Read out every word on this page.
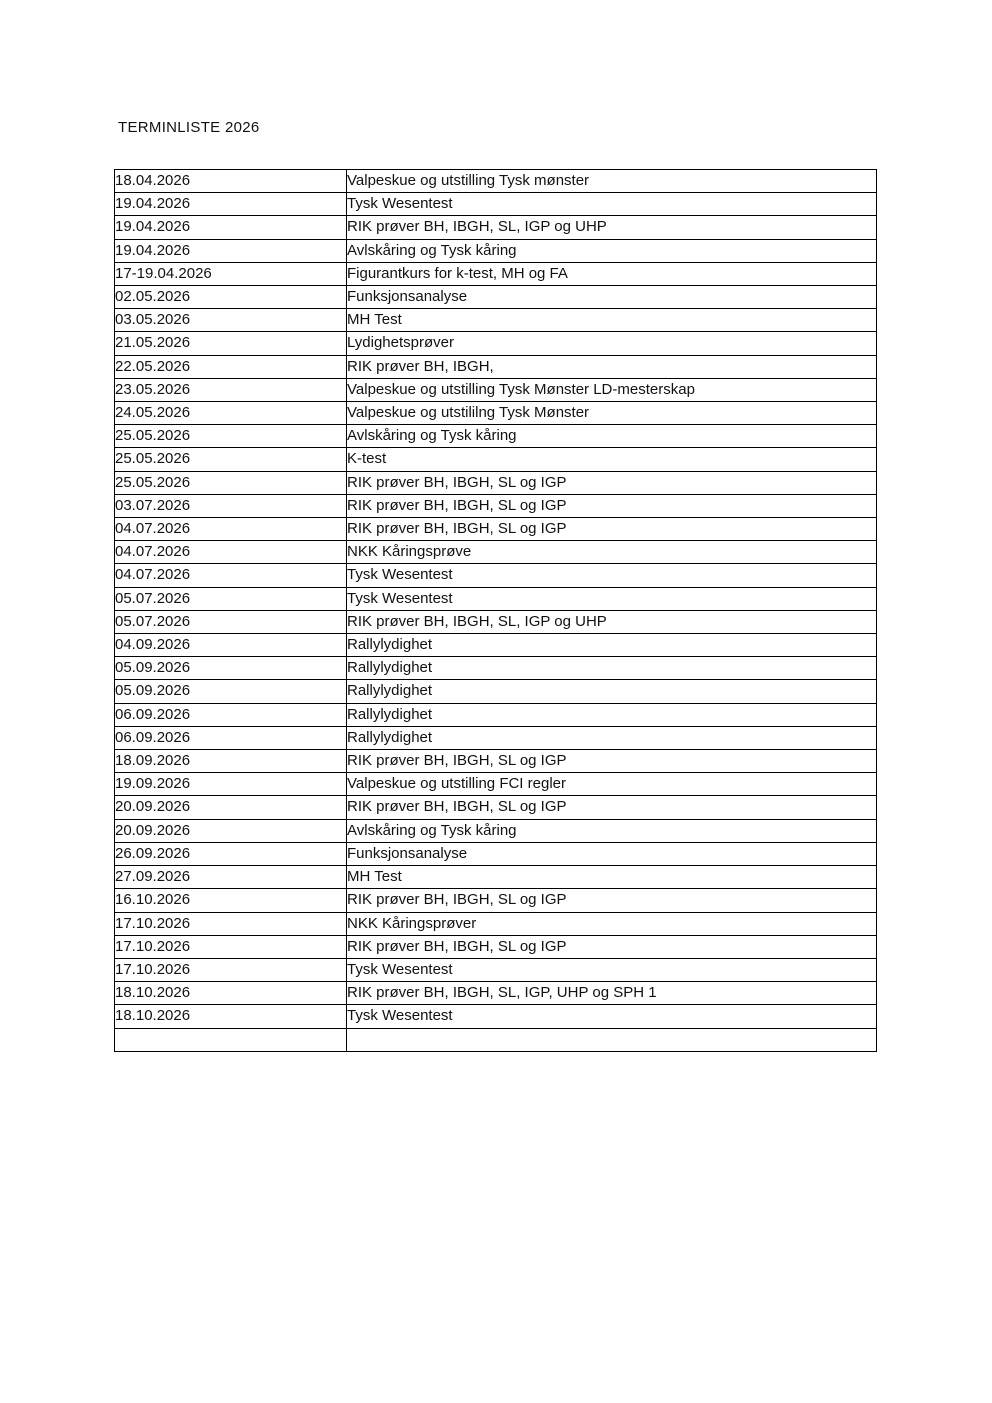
TERMINLISTE 2026
18.04.2026	Valpeskue og utstilling Tysk mønster
19.04.2026	Tysk Wesentest
19.04.2026	RIK prøver BH, IBGH, SL, IGP og UHP
19.04.2026	Avlskåring og Tysk kåring
17-19.04.2026	Figurantkurs for k-test, MH og FA
02.05.2026	Funksjonsanalyse
03.05.2026	MH Test
21.05.2026	Lydighetsprøver
22.05.2026	RIK prøver BH, IBGH,
23.05.2026	Valpeskue og utstilling Tysk Mønster LD-mesterskap
24.05.2026	Valpeskue og utstililng Tysk Mønster
25.05.2026	Avlskåring og Tysk kåring
25.05.2026	K-test
25.05.2026	RIK prøver BH, IBGH, SL og IGP
03.07.2026	RIK prøver BH, IBGH, SL og IGP
04.07.2026	RIK prøver BH, IBGH, SL og IGP
04.07.2026	NKK Kåringsprøve
04.07.2026	Tysk Wesentest
05.07.2026	Tysk Wesentest
05.07.2026	RIK prøver BH, IBGH, SL, IGP og UHP
04.09.2026	Rallylydighet
05.09.2026	Rallylydighet
05.09.2026	Rallylydighet
06.09.2026	Rallylydighet
06.09.2026	Rallylydighet
18.09.2026	RIK prøver BH, IBGH, SL og IGP
19.09.2026	Valpeskue og utstilling FCI regler
20.09.2026	RIK prøver BH, IBGH, SL og IGP
20.09.2026	Avlskåring og Tysk kåring
26.09.2026	Funksjonsanalyse
27.09.2026	MH Test
16.10.2026	RIK prøver BH, IBGH, SL og IGP
17.10.2026	NKK Kåringsprøver
17.10.2026	RIK prøver BH, IBGH, SL og IGP
17.10.2026	Tysk Wesentest
18.10.2026	RIK prøver BH, IBGH, SL, IGP, UHP og SPH 1
18.10.2026	Tysk Wesentest
